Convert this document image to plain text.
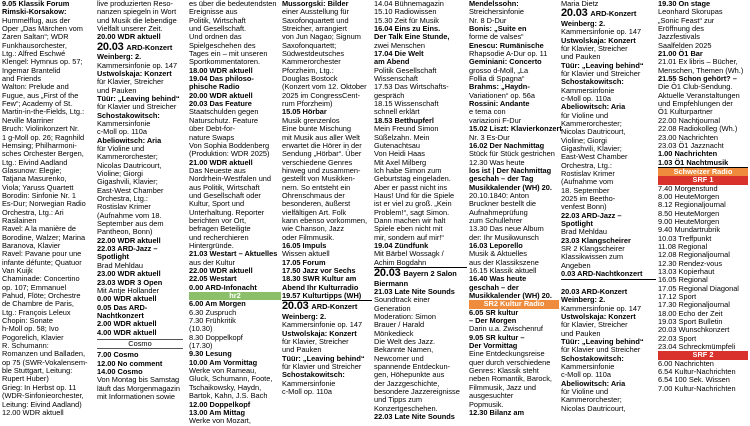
9.05 Klassik Forum
Rimski-Korsakow:
Hummelflug, aus der
Oper „Das Märchen vom
Zaren Saltan“; WDR
Funkhausorchester,
Ltg.: Alfred Eschwé
Klengel: Hymnus op. 57;
Ingemar Brantelid
and Friends
Walton: Prelude and
Fugue, aus „First of the
Few“; Academy of St.
Martin-in-the-Fields, Ltg.:
Neville Marriner
Bruch: Violinkonzert Nr.
1 g-Moll op. 26; Ragnhild
Hemsing; Philharmoni-
sches Orchester Bergen,
Ltg.: Eivind Aadland
Glasunow: Elegie;
Tatjana Masurenko,
Viola; Yaruss Quartett
Borodin: Sinfonie Nr. 1
Es-Dur; Norwegian Radio
Orchestra, Ltg.: Ari
Rasilainen
Ravel: A la manière de
Borodine, Walzer; Marina
Baranova, Klavier
Ravel: Pavane pour une
infante défunte; Quatuor
Van Kuijk
Chaminade: Concertino
op. 107; Emmanuel
Pahud, Flöte; Orchestre
de Chambre de Paris,
Ltg.: François Leleux
Chopin: Sonate
h-Moll op. 58; Ivo
Pogorelich, Klavier
R. Schumann:
Romanzen und Balladen,
op 75 (SWR-Vokalensem-
ble Stuttgart, Leitung:
Rupert Huber)
Grieg: In Herbst op. 11
(WDR-Sinfonieorchester,
Leitung: Eivind Aadland)
12.00 WDR aktuell
live produzierten Reso-
nanzen spiegeln in Wort
und Musik die lebendige
Vielfalt unserer Zeit.
20.00 WDR aktuell
20.03 ARD-Konzert
Weinberg: 2.
Kammersinfonie op. 147
Ustwolskaja: Konzert
für Klavier, Streicher
und Pauken
Tüür: „Leaving behind“
für Klavier und Streicher
Schostakowitsch:
Kammersinfonie
c-Moll op. 110a
Abeliowitsch: Aria
für Violine und
Kammerorchester;
Nicolas Dautricourt,
Violine; Giorgi
Gigashvili, Klavier;
East-West Chamber
Orchestra, Ltg.:
Rostislav Krimer
(Aufnahme vom 18.
September aus dem
Pantheon, Bonn)
22.00 WDR aktuell
22.03 ARD-Jazz –
Spotlight
Brad Mehldau
23.00 WDR aktuell
23.03 WDR 3 Open
Mit Antje Hollander
0.00 WDR aktuell
0.05 Das ARD-
Nachtkonzert
2.00 WDR aktuell
4.00 WDR aktuell
Cosmo
7.00 Cosmo
12.00 No comment
14.00 Cosmo
Von Montag bis Samstag
läuft das Morgenmagazin
mit Informationen sowie
es über die bedeutendsten
Ereignisse aus
Politik, Wirtschaft
und Gesellschaft.
Und ordnen das
Spielgeschehen des
Tages ein – mit unseren
Sportkommentatoren.
18.00 WDR aktuell
19.04 Das philoso-
phische Radio
20.00 WDR aktuell
20.03 Das Feature
Staatschulden gegen
Naturschutz. Feature
über Debt-for-
nature Swaps
Von Sophia Boddenberg
(Produktion: WDR 2025)
21.00 WDR aktuell
Das Neueste aus
Nordrhein-Westfalen und
aus Politik, Wirtschaft
und Gesellschaft oder
Kultur, Sport und
Unterhaltung. Reporter
berichten vor Ort,
befragen Beteiligte
und recherchieren
Hintergründe.
21.03 Westart – Aktuelles
aus der Kultur
22.00 WDR aktuell
22.05 Westart
0.00 ARD-Infonacht
hr2
6.00 Am Morgen
6.30 Zuspruch
7.30 Frühkritik
(10.30)
8.30 Doppelkopf
(17.30)
9.30 Lesung
10.00 Am Vormittag
Werke von Rameau,
Gluck, Schumann, Foote,
Tschaikowsky, Haydn,
Bartok, Kahn, J.S. Bach
12.00 Doppelkopf
13.00 Am Mittag
Werke von Mozart,
Mussorgski: Bilder
einer Ausstellung für
Saxofonquartett und
Streicher, arrangiert
von Jun Nagao; Signum
Saxofonquartett;
Südwestdeutsches
Kammerorchester
Pforzheim, Ltg.:
Douglas Bostock
(Konzert vom 12. Oktober
2025 im CongressCent-
rum Pforzheim)
15.05 Hörbar
Musik grenzenlos
Eine bunte Mischung
mit Musik aus aller Welt
erwartet die Hörer in der
Sendung „Hörbar“. Über
verschiedene Genres
hinweg und zusammen-
gestellt von Musikken-
nern. So entsteht ein
Ohrenschmaus der
besonderen, äußerst
vielfältigen Art. Folk
kann ebenso vorkommen,
wie Chanson, Jazz
oder Filmmusik.
16.05 Impuls
Wissen aktuell
17.05 Forum
17.50 Jazz vor Sechs
18.30 SWR Kultur am
Abend Ihr Kulturradio
19.57 Kulturtipps (WH)
20.03 ARD-Konzert
Weinberg: 2.
Kammersinfonie op. 147
Ustwolskaja: Konzert
für Klavier, Streicher
und Pauken
Tüür: „Leaving behind“
für Klavier und Streicher
Schostakowitsch:
Kammersinfonie
c-Moll op. 110a
14.04 Bühnemagazin
15.10 Radiowissen
15.30 Zeit für Musik
16.04 Eins zu Eins.
Der Talk Eine Stunde,
zwei Menschen
17.04 Die Welt
am Abend
Politik Gesellschaft
Wissenschaft
17.53 Das Wirtschafts-
gespräch
18.15 Wissenschaft
schnell erklärt
18.53 Betthupferl
Mein Freund Simon
Süßelzahn. Mein
Gutenachtsau
Von Heidi Haas
Mit Axel Milberg
Ich habe Simon zum
Geburtstag eingeladen.
Aber er passt nicht ins
Haus! Und für die Spiele
ist er viel zu groß. „Kein
Problem!“, sagt Simon.
Dann machen wir halt
Spiele eben nicht mit
mir, sondern auf mir!“
19.04 Zündfunk
Mit Bärbel Wossagk /
Achim Bogdahn
20.03 Bayern 2 Salon
Biermann
21.03 Late Nite Sounds
Soundtrack einer
Generation
Moderation: Simon
Brauer / Harald
Mönkedieck
Die Welt des Jazz.
Bekannte Namen,
Newcomer und
spannende Entdeckun-
gen, Höhepunkte aus
der Jazzgeschichte,
besondere Jazzereignisse
und Tipps zum
Konzertgeschehen.
22.03 Late Nite Sounds
Mendelssohn:
Streichersinfonie
Nr. 8 D-Dur
Bonis: „Suite en
forme de valses“
Enescu: Rumänische
Rhapsodie A-Dur op. 11
Geminiani: Concerto
grosso d-Moll, „La
Follia di Spagna“
Brahms: „Haydn-
Variationen“ op. 56a
Rossini: Andante
e tema con
variazioni F-Dur
15.02 Liszt: Klavierkonzert
Nr. 3 Es-Dur
16.02 Der Nachmittag
Stück für Stück gestrichen
12.30 Was heute
los ist | Der Nachmittag
geschah – der Tag
Musikkalender (WH) 20.
20.10.1840: Anton
Bruckner bestellt die
Aufnahmeprüfung
zum Schullehrer
13.30 Das neue Album
der: Ihr Musikwunsch
16.03 Leporello
Musik & Aktuelles
aus der Klassikszene
16.15 Klassik aktuell
16.40 Was heute
geschah – der
Musikkalender (WH) 20.
SR2 Kultur Radio
6.05 SR kultur
– Der Morgen
Darin u.a. Zwischenruf
9.05 SR kultur –
Der Vormittag
Eine Entdeckungsreise
quer durch verschiedene
Genres: Klassik steht
neben Romantik, Barock,
Filmmusik, Jazz und
ausgesuchter
Popmusik.
12.30 Bilanz am
Maria Dietz
20.03 ARD-Konzert
Weinberg: 2.
Kammersinfonie op. 147
Ustwolskaja: Konzert
für Klavier, Streicher
und Pauken
Tüür: „Leaving behind“
für Klavier und Streicher
Schostakowitsch:
Kammersinfonie
c-Moll op. 110a
Abeliowitsch: Aria
für Violine und
Kammerorchester;
Nicolas Dautricourt,
Violine; Giorgi
Gigashvili, Klavier;
East-West Chamber
Orchestra, Ltg.:
Rostislav Krimer
(Aufnahme vom
18. September
2025 im Beetho-
venfest Bonn)
22.03 ARD-Jazz –
Spotlight
Brad Mehldau
23.03 Klangscheirer
SR 2 Klangscheirer
Klassikwissen zum
Angeben
0.03 ARD-Nachtkonzert

20.03 ARD-Konzert
Weinberg: 2.
Kammersinfonie op. 147
Ustwolskaja: Konzert
für Klavier, Streicher
und Pauken
Tüür: „Leaving behind“
für Klavier und Streicher
Schostakowitsch:
Kammersinfonie
c-Moll op. 110a
Abeliowitsch: Aria
für Violine und
Kammerorchester;
Nicolas Dautricourt,
19.30 On stage
Leonhard Skorupas
„Sonic Feast“ zur
Eröffnung des
Jazzfestivals
Saalfelden 2025
21.00 Ö1 Bar
21.01 Ex libris – Bücher,
Menschen, Themen (Wh.)
21.55 Schon gehört? –
Die Ö1 Club-Sendung.
Aktuelle Veranstaltungen
und Empfehlungen der
Ö1 Kulturpartner
22.00 Nachtjournal
22.08 Radiokolleg (Wh.)
23.00 Nachrichten
23.03 Ö1 Jazznacht
1.00 Nachrichten
1.03 Ö1 Nachtmusik
Schweizer Radio
SRF 1
7.40 Morgenstund
8.00 HeuteMorgen
8.12 Regionaljournal
8.50 HeuteMorgen
9.00 HeuteMorgen
9.40 Mundartrubrik
10.03 Treffpunkt
11.08 Regional
12.08 Regionaljournal
12.30 Rendez-vous
13.03 Kopierhaut
16.05 Regional
17.05 Regional Diagonal
17.12 Sport
17.30 Regionaljournal
18.00 Echo der Zeit
19.03 Sport Bulletin
20.03 Wunschkonzert
22.03 Sport
23.04 Schreckmümpfeli
SRF 2
6.00 Nachrichten
6.54 Kultur-Nachrichten
6.54 100 Sek. Wissen
7.00 Kultur-Nachrichten
